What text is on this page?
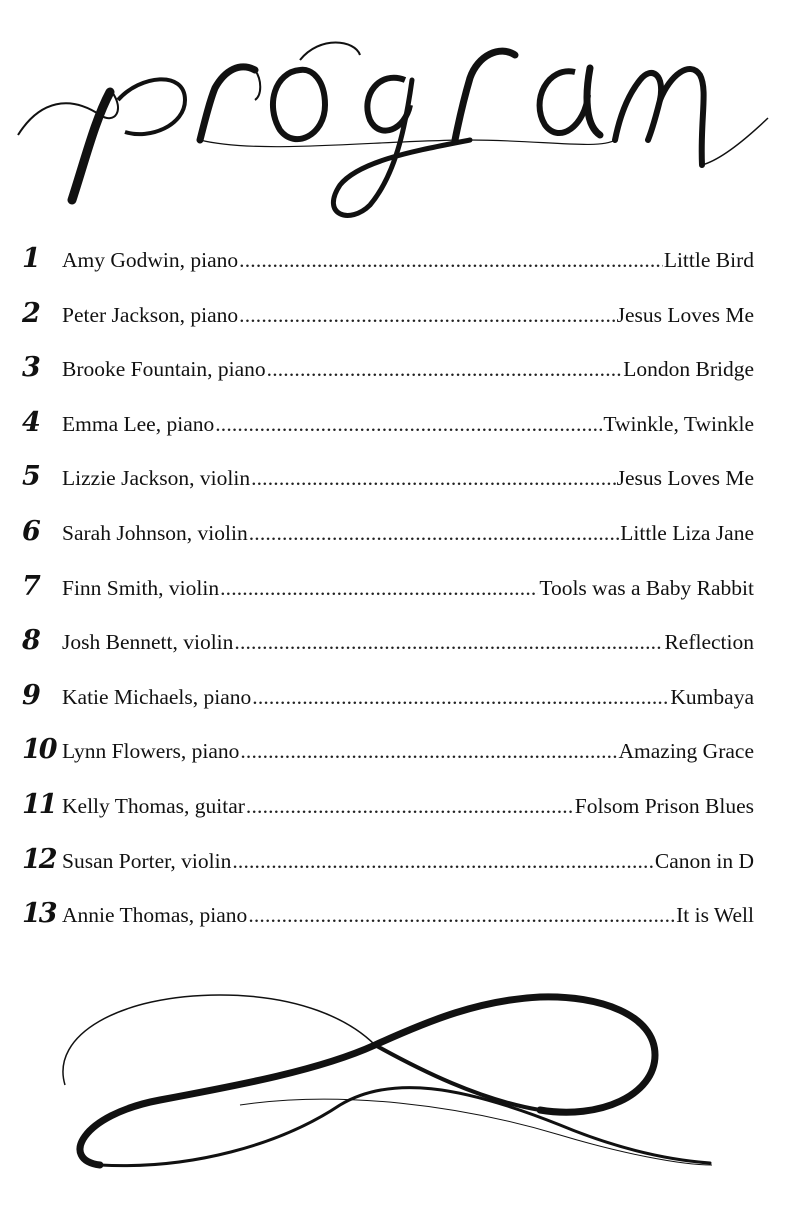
1	Amy Godwin, piano . . .	Little Bird
2	Peter Jackson, piano . . .	Jesus Loves Me
3	Brooke Fountain, piano . . .	London Bridge
4	Emma Lee, piano . . .	Twinkle, Twinkle
5	Lizzie Jackson, violin . . .	Jesus Loves Me
6	Sarah Johnson, violin . . .	Little Liza Jane
7	Finn Smith, violin . . .	Tools was a Baby Rabbit
8	Josh Bennett, violin . . .	Reflection
9	Katie Michaels, piano . . .	Kumbaya
10 Lynn Flowers, piano . . .	Amazing Grace
11 Kelly Thomas, guitar . . .	Folsom Prison Blues
12 Susan Porter, violin . . .	Canon in D
13 Annie Thomas, piano . . .	It is Well
